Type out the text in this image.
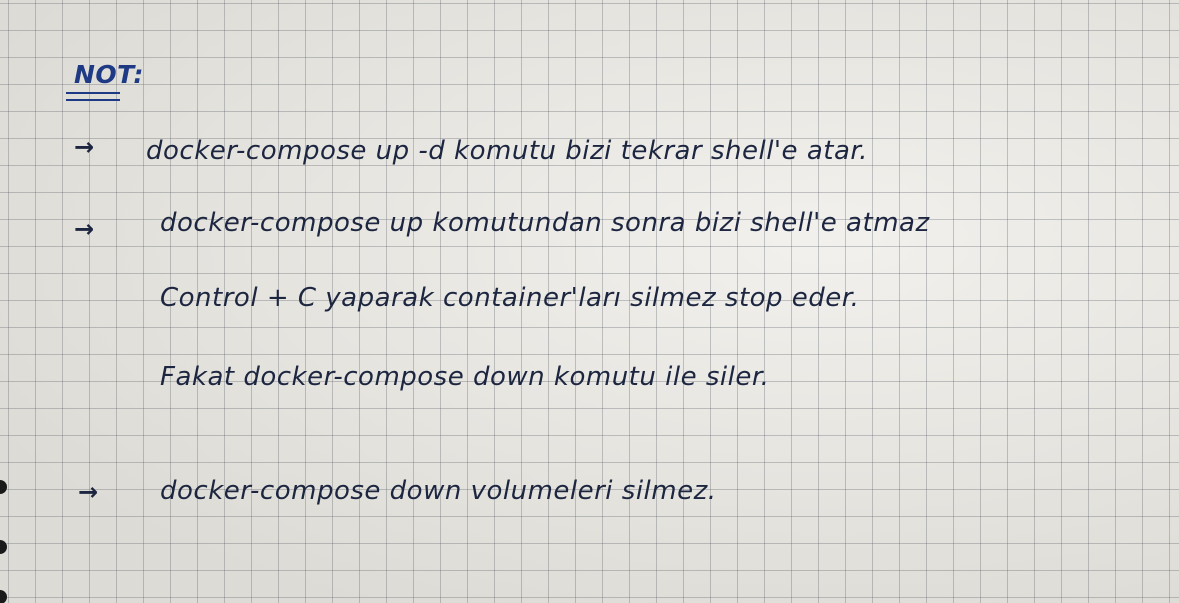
NOT:
→ docker-compose up -d komutu bizi tekrar shell'e atar.
→	docker-compose up komutundan sonra bizi shell'e atmaz
Control + C yaparak container'ları silmez stop eder.
Fakat docker-compose down komutu ile siler.
→ docker-compose down volumeleri silmez.
